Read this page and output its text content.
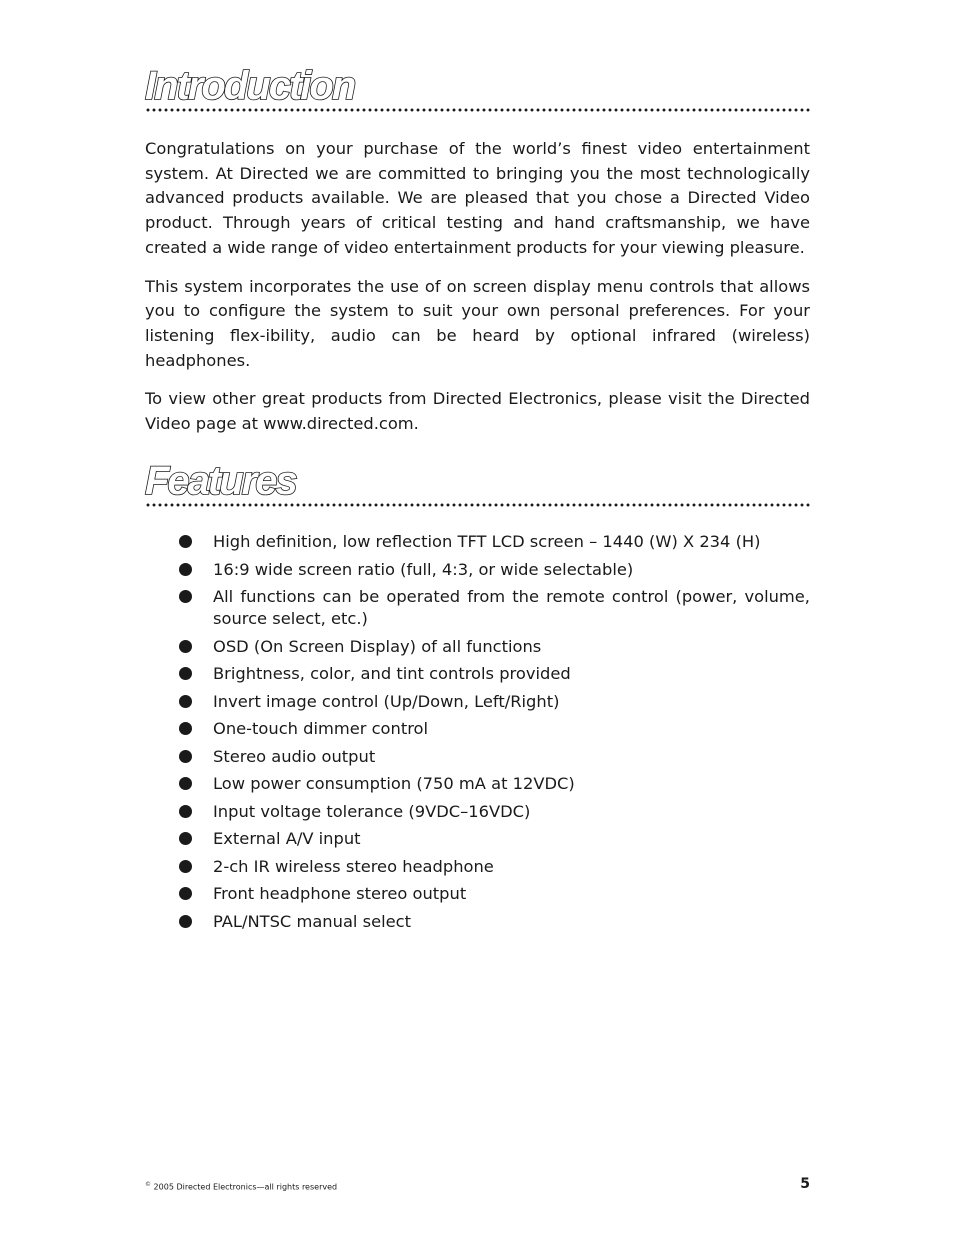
Introduction

Congratulations on your purchase of the world’s finest video entertainment system. At Directed we are committed to bringing you the most technologically advanced products available. We are pleased that you chose a Directed Video product. Through years of critical testing and hand craftsmanship, we have created a wide range of video entertainment products for your viewing pleasure.

This system incorporates the use of on screen display menu controls that allows you to configure the system to suit your own personal preferences. For your listening flex-ibility, audio can be heard by optional infrared (wireless) headphones.

To view other great products from Directed Electronics, please visit the Directed Video page at www.directed.com.

Features
High definition, low reflection TFT LCD screen – 1440 (W) X 234 (H)
16:9 wide screen ratio (full, 4:3, or wide selectable)
All functions can be operated from the remote control (power, volume, source select, etc.)
OSD (On Screen Display) of all functions
Brightness, color, and tint controls provided
Invert image control (Up/Down, Left/Right)
One-touch dimmer control
Stereo audio output
Low power consumption (750 mA at 12VDC)
Input voltage tolerance (9VDC–16VDC)
External A/V input
2-ch IR wireless stereo headphone
Front headphone stereo output
PAL/NTSC manual select
© 2005 Directed Electronics—all rights reserved	5
